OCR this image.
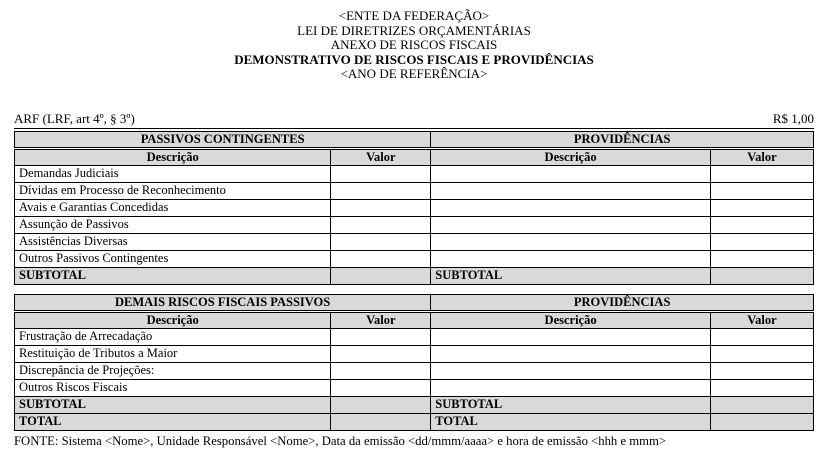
<ENTE DA FEDERAÇÃO>
LEI DE DIRETRIZES ORÇAMENTÁRIAS
ANEXO DE RISCOS FISCAIS
DEMONSTRATIVO DE RISCOS FISCAIS E PROVIDÊNCIAS
<ANO DE REFERÊNCIA>
ARF (LRF, art 4º, § 3º)	R$ 1,00
PASSIVOS CONTINGENTES		PROVIDÊNCIAS	
Descrição	Valor	Descrição	Valor
Demandas Judiciais			
Dívidas em Processo de Reconhecimento			
Avais e Garantias Concedidas			
Assunção de Passivos			
Assistências Diversas			
Outros Passivos Contingentes			
SUBTOTAL		SUBTOTAL	
DEMAIS RISCOS FISCAIS PASSIVOS		PROVIDÊNCIAS	
Descrição	Valor	Descrição	Valor
Frustração de Arrecadação			
Restituição de Tributos a Maior			
Discrepância de Projeções:			
Outros Riscos Fiscais			
SUBTOTAL		SUBTOTAL	
TOTAL		TOTAL	
FONTE: Sistema <Nome>, Unidade Responsável <Nome>, Data da emissão <dd/mmm/aaaa> e hora de emissão <hhh e mmm>
